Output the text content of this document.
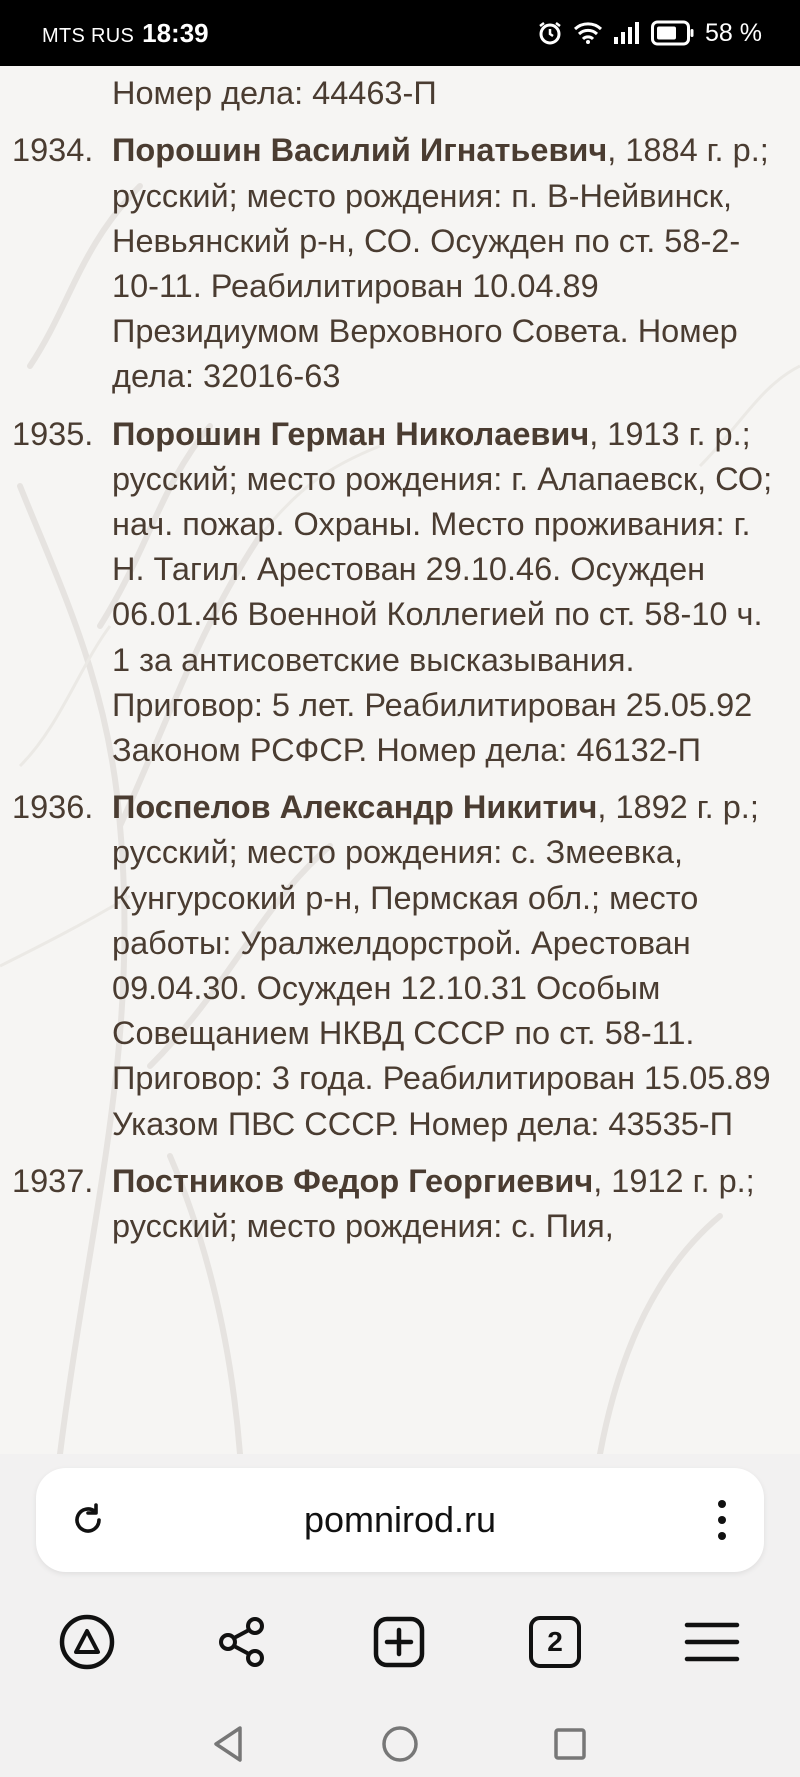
MTS RUS 18:39	58 %
Номер дела: 44463-П
1934. Порошин Василий Игнатьевич, 1884 г. р.; русский; место рождения: п. В-Нейвинск, Невьянский р-н, СО. Осужден по ст. 58-2-10-11. Реабилитирован 10.04.89 Президиумом Верховного Совета. Номер дела: 32016-63
1935. Порошин Герман Николаевич, 1913 г. р.; русский; место рождения: г. Алапаевск, СО; нач. пожар. Охраны. Место проживания: г. Н. Тагил. Арестован 29.10.46. Осужден 06.01.46 Военной Коллегией по ст. 58-10 ч. 1 за антисоветские высказывания. Приговор: 5 лет. Реабилитирован 25.05.92 Законом РСФСР. Номер дела: 46132-П
1936. Поспелов Александр Никитич, 1892 г. р.; русский; место рождения: с. Змеевка, Кунгурсокий р-н, Пермская обл.; место работы: Уралжелдорстрой. Арестован 09.04.30. Осужден 12.10.31 Особым Совещанием НКВД СССР по ст. 58-11. Приговор: 3 года. Реабилитирован 15.05.89 Указом ПВС СССР. Номер дела: 43535-П
1937. Постников Федор Георгиевич, 1912 г. р.; русский; место рождения: с. Пия,
pomnirod.ru
2
